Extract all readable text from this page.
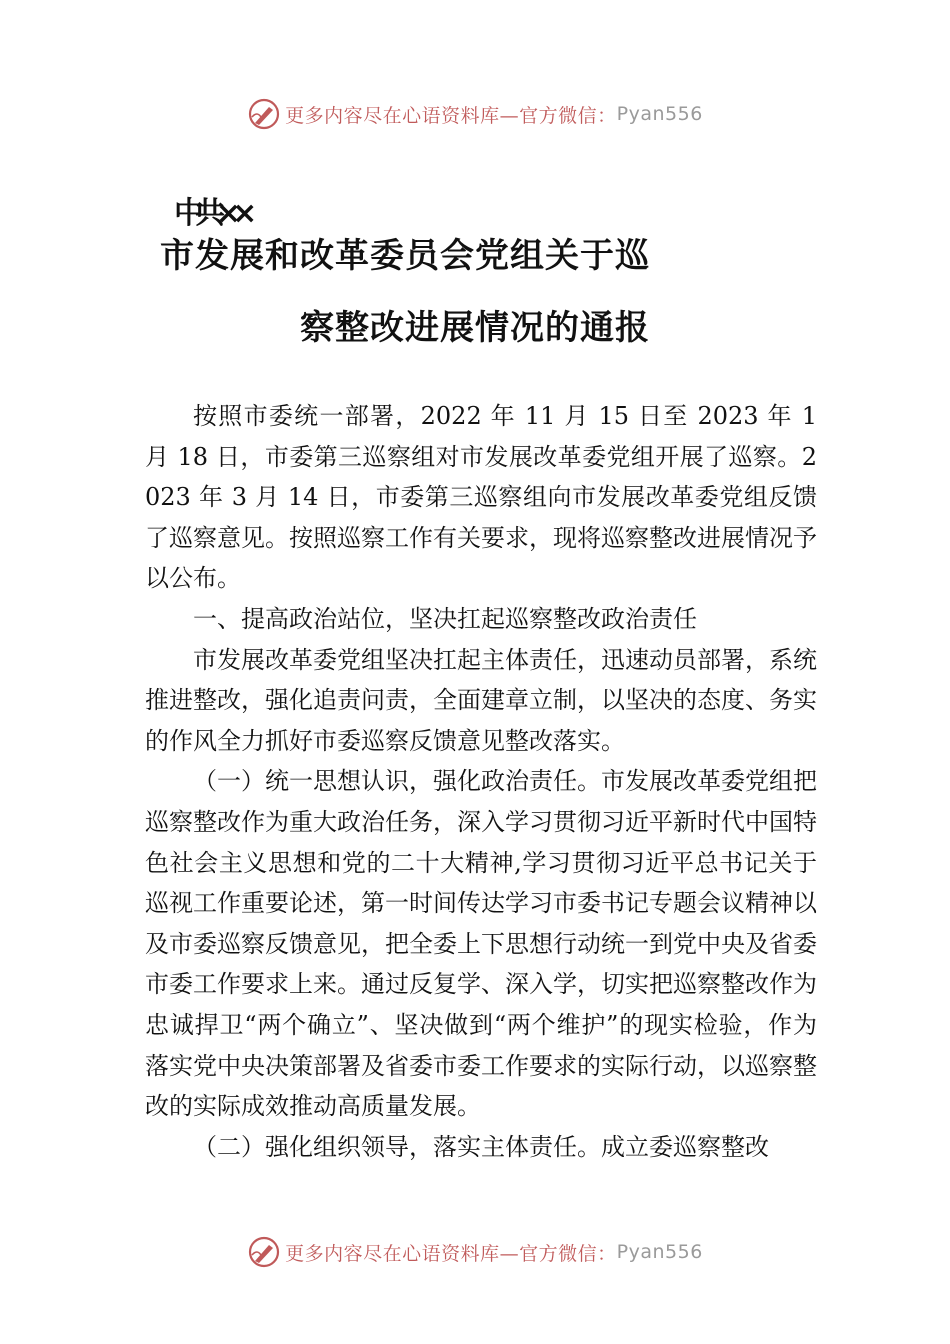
更多内容尽在心语资料库—官方微信： Pyan556
中共××
市发展和改革委员会党组关于巡
察整改进展情况的通报

按照市委统一部署，2022 年 11 月 15 日至 2023 年 1 月 18 日，市委第三巡察组对市发展改革委党组开展了巡察。2023 年 3 月 14 日，市委第三巡察组向市发展改革委党组反馈了巡察意见。按照巡察工作有关要求，现将巡察整改进展情况予以公布。

一、提高政治站位，坚决扛起巡察整改政治责任

市发展改革委党组坚决扛起主体责任，迅速动员部署，系统推进整改，强化追责问责，全面建章立制，以坚决的态度、务实的作风全力抓好市委巡察反馈意见整改落实。

（一）统一思想认识，强化政治责任。市发展改革委党组把巡察整改作为重大政治任务，深入学习贯彻习近平新时代中国特色社会主义思想和党的二十大精神,学习贯彻习近平总书记关于巡视工作重要论述，第一时间传达学习市委书记专题会议精神以及市委巡察反馈意见，把全委上下思想行动统一到党中央及省委市委工作要求上来。通过反复学、深入学，切实把巡察整改作为忠诚捍卫“两个确立”、坚决做到“两个维护”的现实检验，作为落实党中央决策部署及省委市委工作要求的实际行动，以巡察整改的实际成效推动高质量发展。

（二）强化组织领导，落实主体责任。成立委巡察整改

更多内容尽在心语资料库—官方微信： Pyan556
